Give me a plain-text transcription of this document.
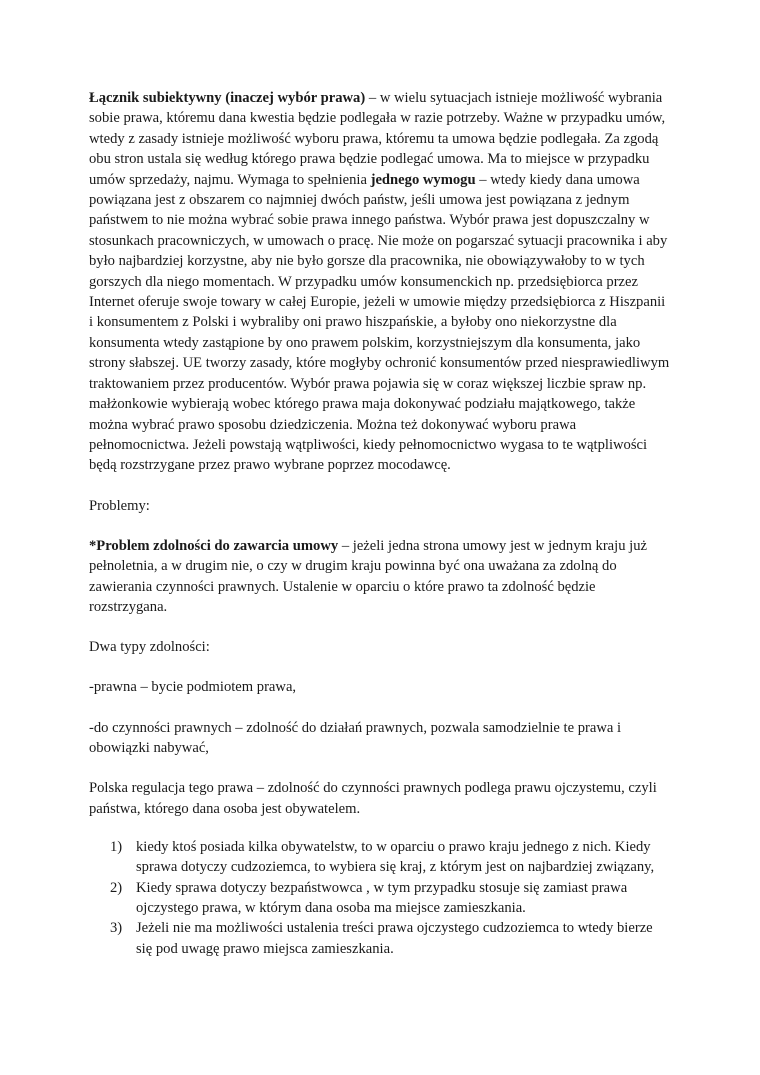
Łącznik subiektywny (inaczej wybór prawa) – w wielu sytuacjach istnieje możliwość wybrania sobie prawa, któremu dana kwestia będzie podlegała w razie potrzeby. Ważne w przypadku umów, wtedy z zasady istnieje możliwość wyboru prawa, któremu ta umowa będzie podlegała. Za zgodą obu stron ustala się według którego prawa będzie podlegać umowa. Ma to miejsce w przypadku umów sprzedaży, najmu. Wymaga to spełnienia jednego wymogu – wtedy kiedy dana umowa powiązana jest z obszarem co najmniej dwóch państw, jeśli umowa jest powiązana z jednym państwem to nie można wybrać sobie prawa innego państwa. Wybór prawa jest dopuszczalny w stosunkach pracowniczych, w umowach o pracę. Nie może on pogarszać sytuacji pracownika i aby było najbardziej korzystne, aby nie było gorsze dla pracownika, nie obowiązywałoby to w tych gorszych dla niego momentach. W przypadku umów konsumenckich np. przedsiębiorca przez Internet oferuje swoje towary w całej Europie, jeżeli w umowie między przedsiębiorca z Hiszpanii i konsumentem z Polski i wybraliby oni prawo hiszpańskie, a byłoby ono niekorzystne dla konsumenta wtedy zastąpione by ono prawem polskim, korzystniejszym dla konsumenta, jako strony słabszej. UE tworzy zasady, które mogłyby ochronić konsumentów przed niesprawiedliwym traktowaniem przez producentów. Wybór prawa pojawia się w coraz większej liczbie spraw np. małżonkowie wybierają wobec którego prawa maja dokonywać podziału majątkowego, także można wybrać prawo sposobu dziedziczenia. Można też dokonywać wyboru prawa pełnomocnictwa. Jeżeli powstają wątpliwości, kiedy pełnomocnictwo wygasa to te wątpliwości będą rozstrzygane przez prawo wybrane poprzez mocodawcę.

Problemy:

*Problem zdolności do zawarcia umowy – jeżeli jedna strona umowy jest w jednym kraju już pełnoletnia, a w drugim nie, o czy w drugim kraju powinna być ona uważana za zdolną do zawierania czynności prawnych. Ustalenie w oparciu o które prawo ta zdolność będzie rozstrzygana.

Dwa typy zdolności:

-prawna – bycie podmiotem prawa,

-do czynności prawnych – zdolność do działań prawnych, pozwala samodzielnie te prawa i obowiązki nabywać,

Polska regulacja tego prawa – zdolność do czynności prawnych podlega prawu ojczystemu, czyli państwa, którego dana osoba jest obywatelem.

1) kiedy ktoś posiada kilka obywatelstw, to w oparciu o prawo kraju jednego z nich. Kiedy sprawa dotyczy cudzoziemca, to wybiera się kraj, z którym jest on najbardziej związany,
2) Kiedy sprawa dotyczy bezpaństwowca , w tym przypadku stosuje się zamiast prawa ojczystego prawa, w którym dana osoba ma miejsce zamieszkania.
3) Jeżeli nie ma możliwości ustalenia treści prawa ojczystego cudzoziemca to wtedy bierze się pod uwagę prawo miejsca zamieszkania.
